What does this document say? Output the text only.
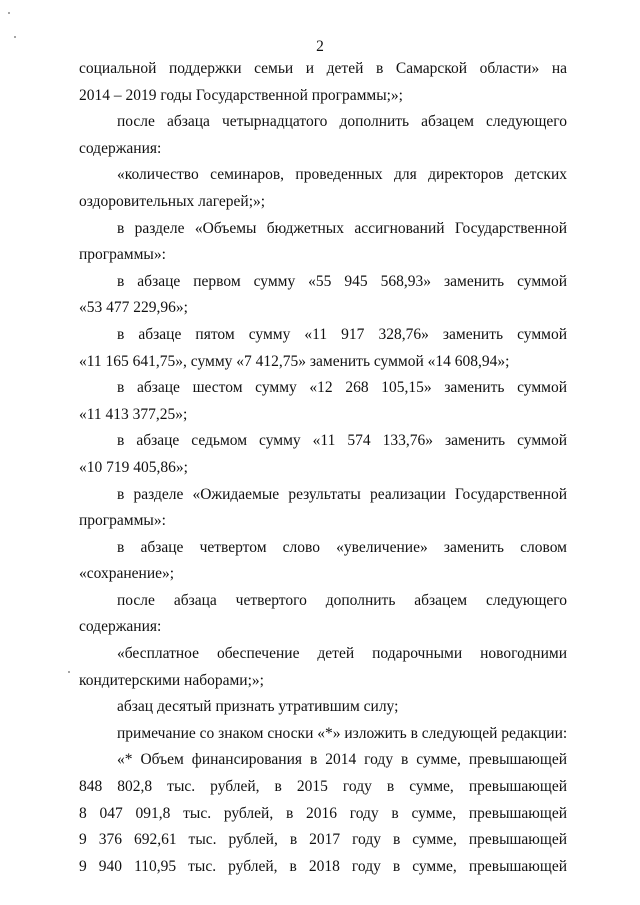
2
социальной поддержки семьи и детей в Самарской области» на
2014 – 2019 годы Государственной программы;»;
после абзаца четырнадцатого дополнить абзацем следующего
содержания:
«количество семинаров, проведенных для директоров детских
оздоровительных лагерей;»;
в разделе «Объемы бюджетных ассигнований Государственной
программы»:
в абзаце первом сумму «55 945 568,93» заменить суммой
«53 477 229,96»;
в абзаце пятом сумму «11 917 328,76» заменить суммой
«11 165 641,75», сумму «7 412,75» заменить суммой «14 608,94»;
в абзаце шестом сумму «12 268 105,15» заменить суммой
«11 413 377,25»;
в абзаце седьмом сумму «11 574 133,76» заменить суммой
«10 719 405,86»;
в разделе «Ожидаемые результаты реализации Государственной
программы»:
в абзаце четвертом слово «увеличение» заменить словом
«сохранение»;
после абзаца четвертого дополнить абзацем следующего
содержания:
«бесплатное обеспечение детей подарочными новогодними
кондитерскими наборами;»;
абзац десятый признать утратившим силу;
примечание со знаком сноски «*» изложить в следующей редакции:
«* Объем финансирования в 2014 году в сумме, превышающей
848 802,8 тыс. рублей, в 2015 году в сумме, превышающей
8 047 091,8 тыс. рублей, в 2016 году в сумме, превышающей
9 376 692,61 тыс. рублей, в 2017 году в сумме, превышающей
9 940 110,95 тыс. рублей, в 2018 году в сумме, превышающей
